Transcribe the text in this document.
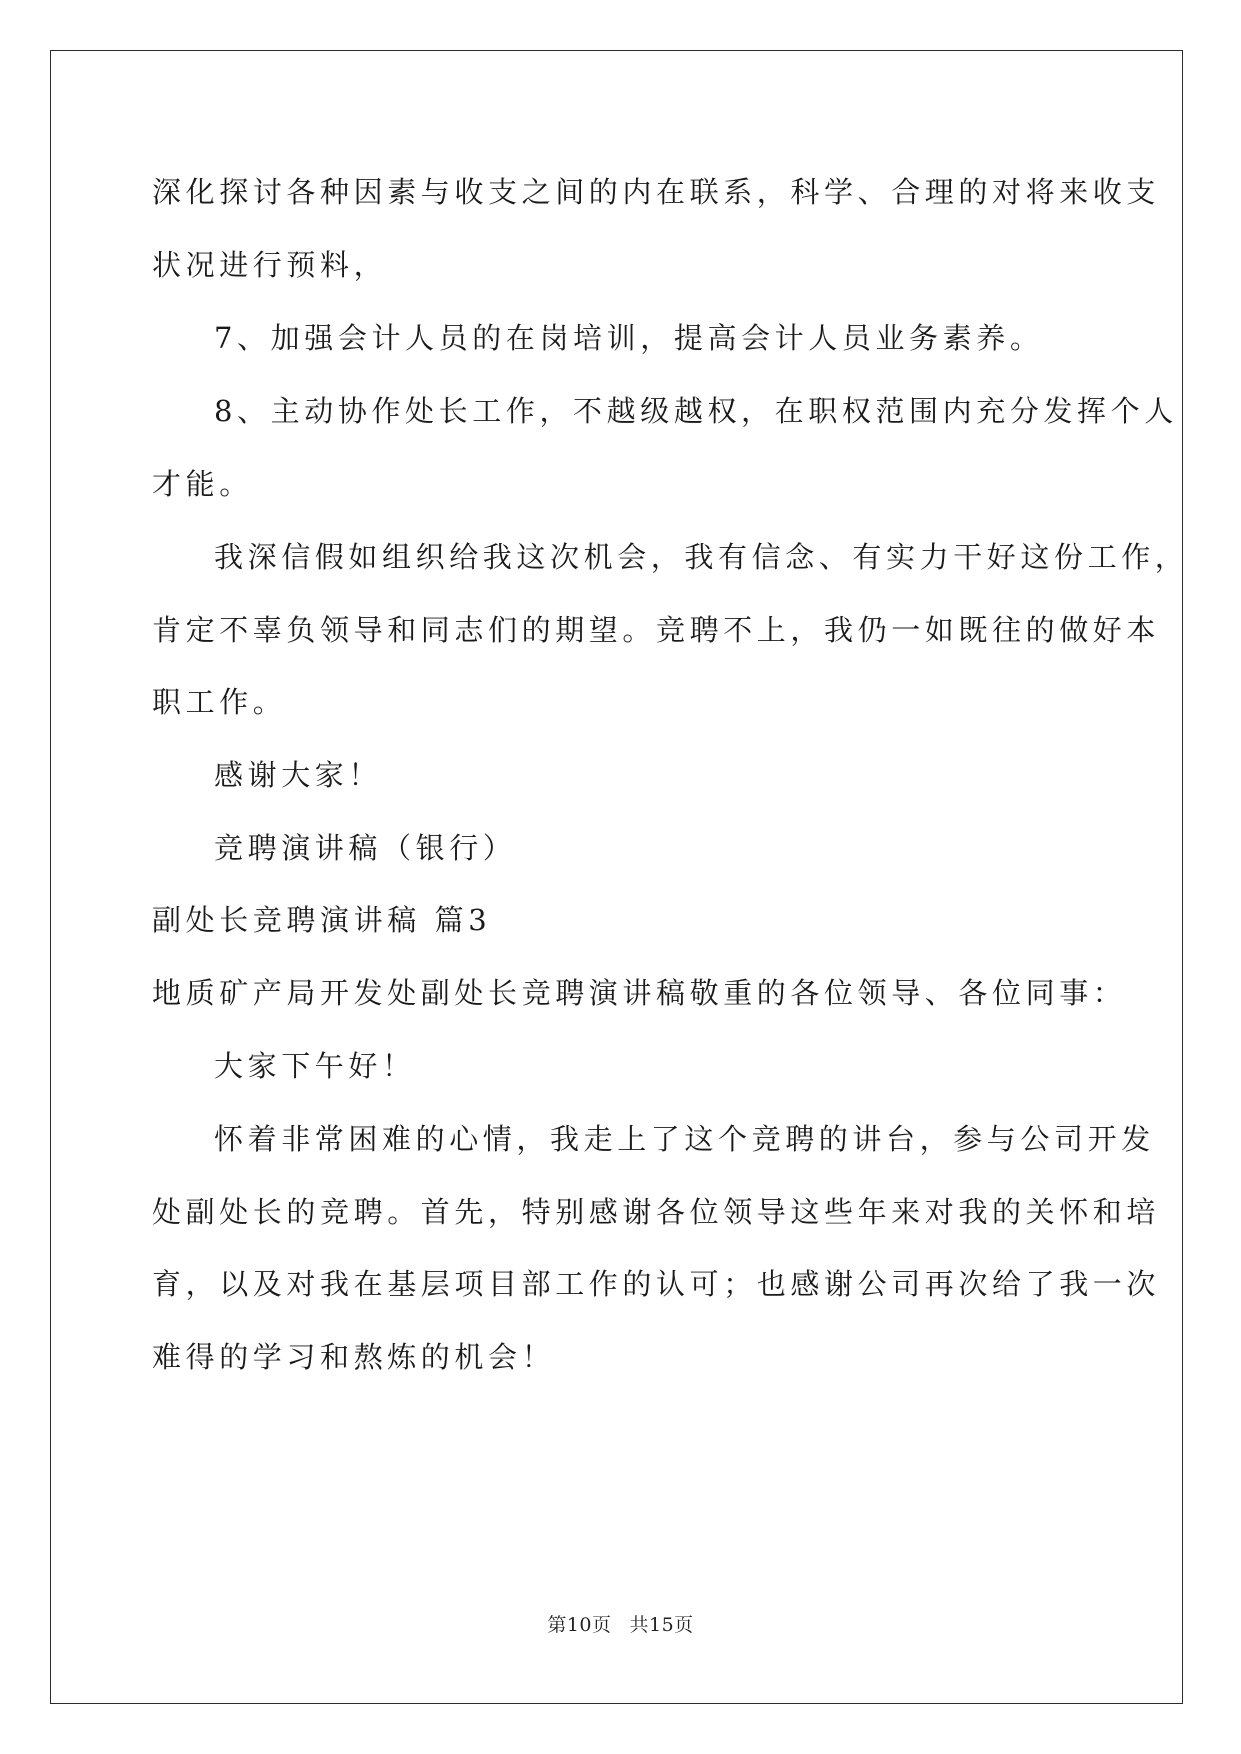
深化探讨各种因素与收支之间的内在联系，科学、合理的对将来收支
状况进行预料，
7、加强会计人员的在岗培训，提高会计人员业务素养。
8、主动协作处长工作，不越级越权，在职权范围内充分发挥个人
才能。
我深信假如组织给我这次机会，我有信念、有实力干好这份工作，
肯定不辜负领导和同志们的期望。竞聘不上，我仍一如既往的做好本
职工作。
感谢大家！
竞聘演讲稿（银行）
副处长竞聘演讲稿 篇3
地质矿产局开发处副处长竞聘演讲稿敬重的各位领导、各位同事：
大家下午好！
怀着非常困难的心情，我走上了这个竞聘的讲台，参与公司开发
处副处长的竞聘。首先，特别感谢各位领导这些年来对我的关怀和培
育，以及对我在基层项目部工作的认可；也感谢公司再次给了我一次
难得的学习和熬炼的机会！
第10页 共15页
